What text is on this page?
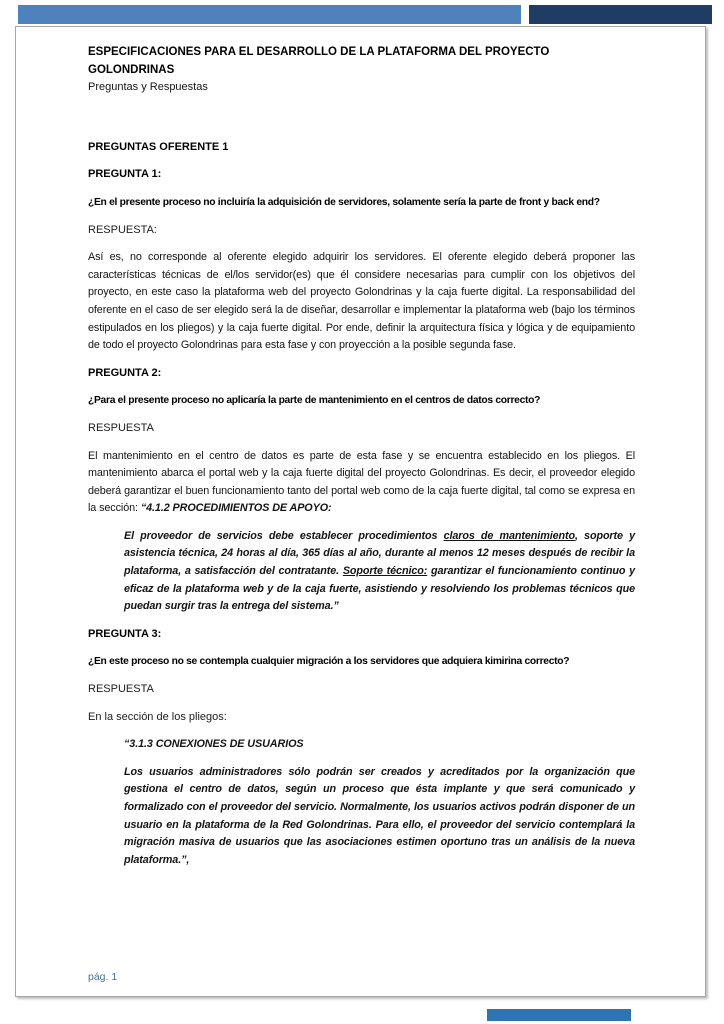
ESPECIFICACIONES PARA EL DESARROLLO DE LA PLATAFORMA DEL PROYECTO GOLONDRINAS

Preguntas y Respuestas

PREGUNTAS OFERENTE 1

PREGUNTA 1:

¿En el presente proceso no incluiría la adquisición de servidores, solamente sería la parte de front y back end?

RESPUESTA:

Así es, no corresponde al oferente elegido adquirir los servidores. El oferente elegido deberá proponer las características técnicas de el/los servidor(es) que él considere necesarias para cumplir con los objetivos del proyecto, en este caso la plataforma web del proyecto Golondrinas y la caja fuerte digital. La responsabilidad del oferente en el caso de ser elegido será la de diseñar, desarrollar e implementar la plataforma web (bajo los términos estipulados en los pliegos) y la caja fuerte digital. Por ende, definir la arquitectura física y lógica y de equipamiento de todo el proyecto Golondrinas para esta fase y con proyección a la posible segunda fase.

PREGUNTA 2:

¿Para el presente proceso no aplicaría la parte de mantenimiento en el centros de datos correcto?

RESPUESTA

El mantenimiento en el centro de datos es parte de esta fase y se encuentra establecido en los pliegos. El mantenimiento abarca el portal web y la caja fuerte digital del proyecto Golondrinas. Es decir, el proveedor elegido deberá garantizar el buen funcionamiento tanto del portal web como de la caja fuerte digital, tal como se expresa en la sección: “4.1.2 PROCEDIMIENTOS DE APOYO:

El proveedor de servicios debe establecer procedimientos claros de mantenimiento, soporte y asistencia técnica, 24 horas al día, 365 días al año, durante al menos 12 meses después de recibir la plataforma, a satisfacción del contratante. Soporte técnico: garantizar el funcionamiento continuo y eficaz de la plataforma web y de la caja fuerte, asistiendo y resolviendo los problemas técnicos que puedan surgir tras la entrega del sistema.”

PREGUNTA 3:

¿En este proceso no se contempla cualquier migración a los servidores que adquiera kimirina correcto?

RESPUESTA

En la sección de los pliegos:

“3.1.3 CONEXIONES DE USUARIOS

Los usuarios administradores sólo podrán ser creados y acreditados por la organización que gestiona el centro de datos, según un proceso que ésta implante y que será comunicado y formalizado con el proveedor del servicio. Normalmente, los usuarios activos podrán disponer de un usuario en la plataforma de la Red Golondrinas. Para ello, el proveedor del servicio contemplará la migración masiva de usuarios que las asociaciones estimen oportuno tras un análisis de la nueva plataforma.”,

pág. 1
